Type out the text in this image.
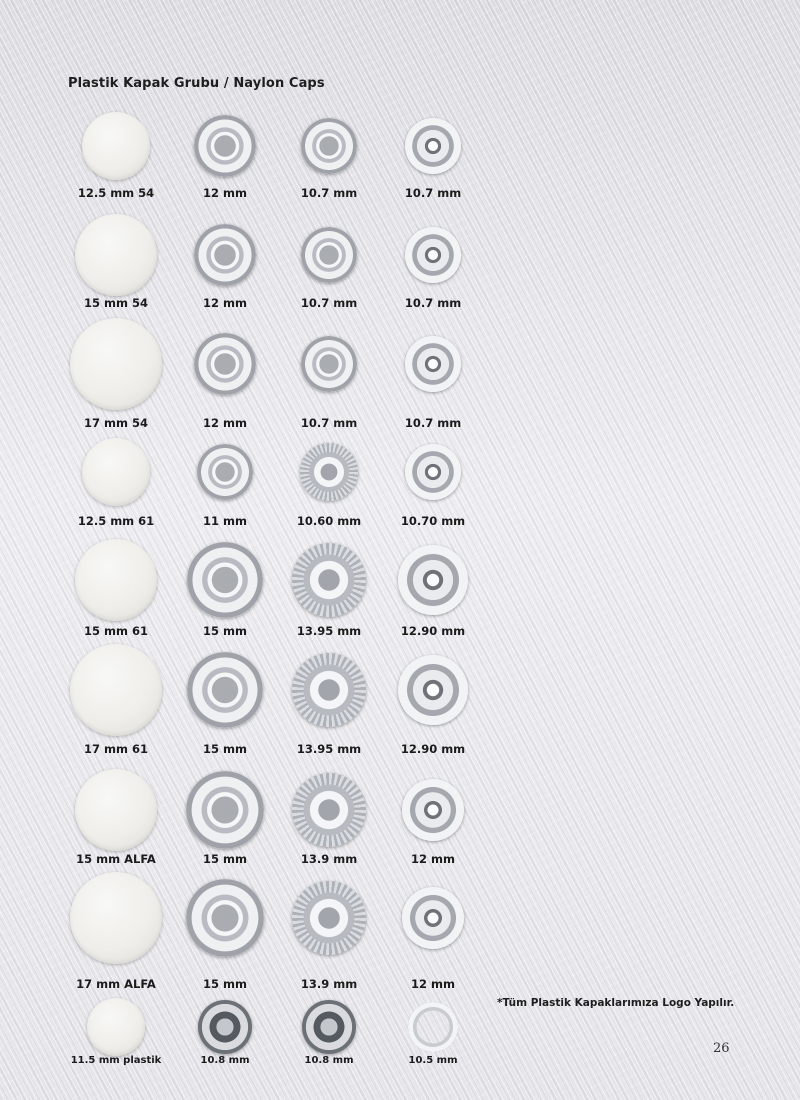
Plastik Kapak Grubu / Naylon Caps
12.5 mm 54	12 mm	10.7 mm	10.7 mm
15 mm 54	12 mm	10.7 mm	10.7 mm
17 mm 54	12 mm	10.7 mm	10.7 mm
12.5 mm 61	11 mm	10.60 mm	10.70 mm
15 mm 61	15 mm	13.95 mm	12.90 mm
17 mm 61	15 mm	13.95 mm	12.90 mm
15 mm ALFA	15 mm	13.9 mm	12 mm
17 mm ALFA	15 mm	13.9 mm	12 mm
11.5 mm plastik	10.8 mm	10.8 mm	10.5 mm
*Tüm Plastik Kapaklarımıza Logo Yapılır.
26
